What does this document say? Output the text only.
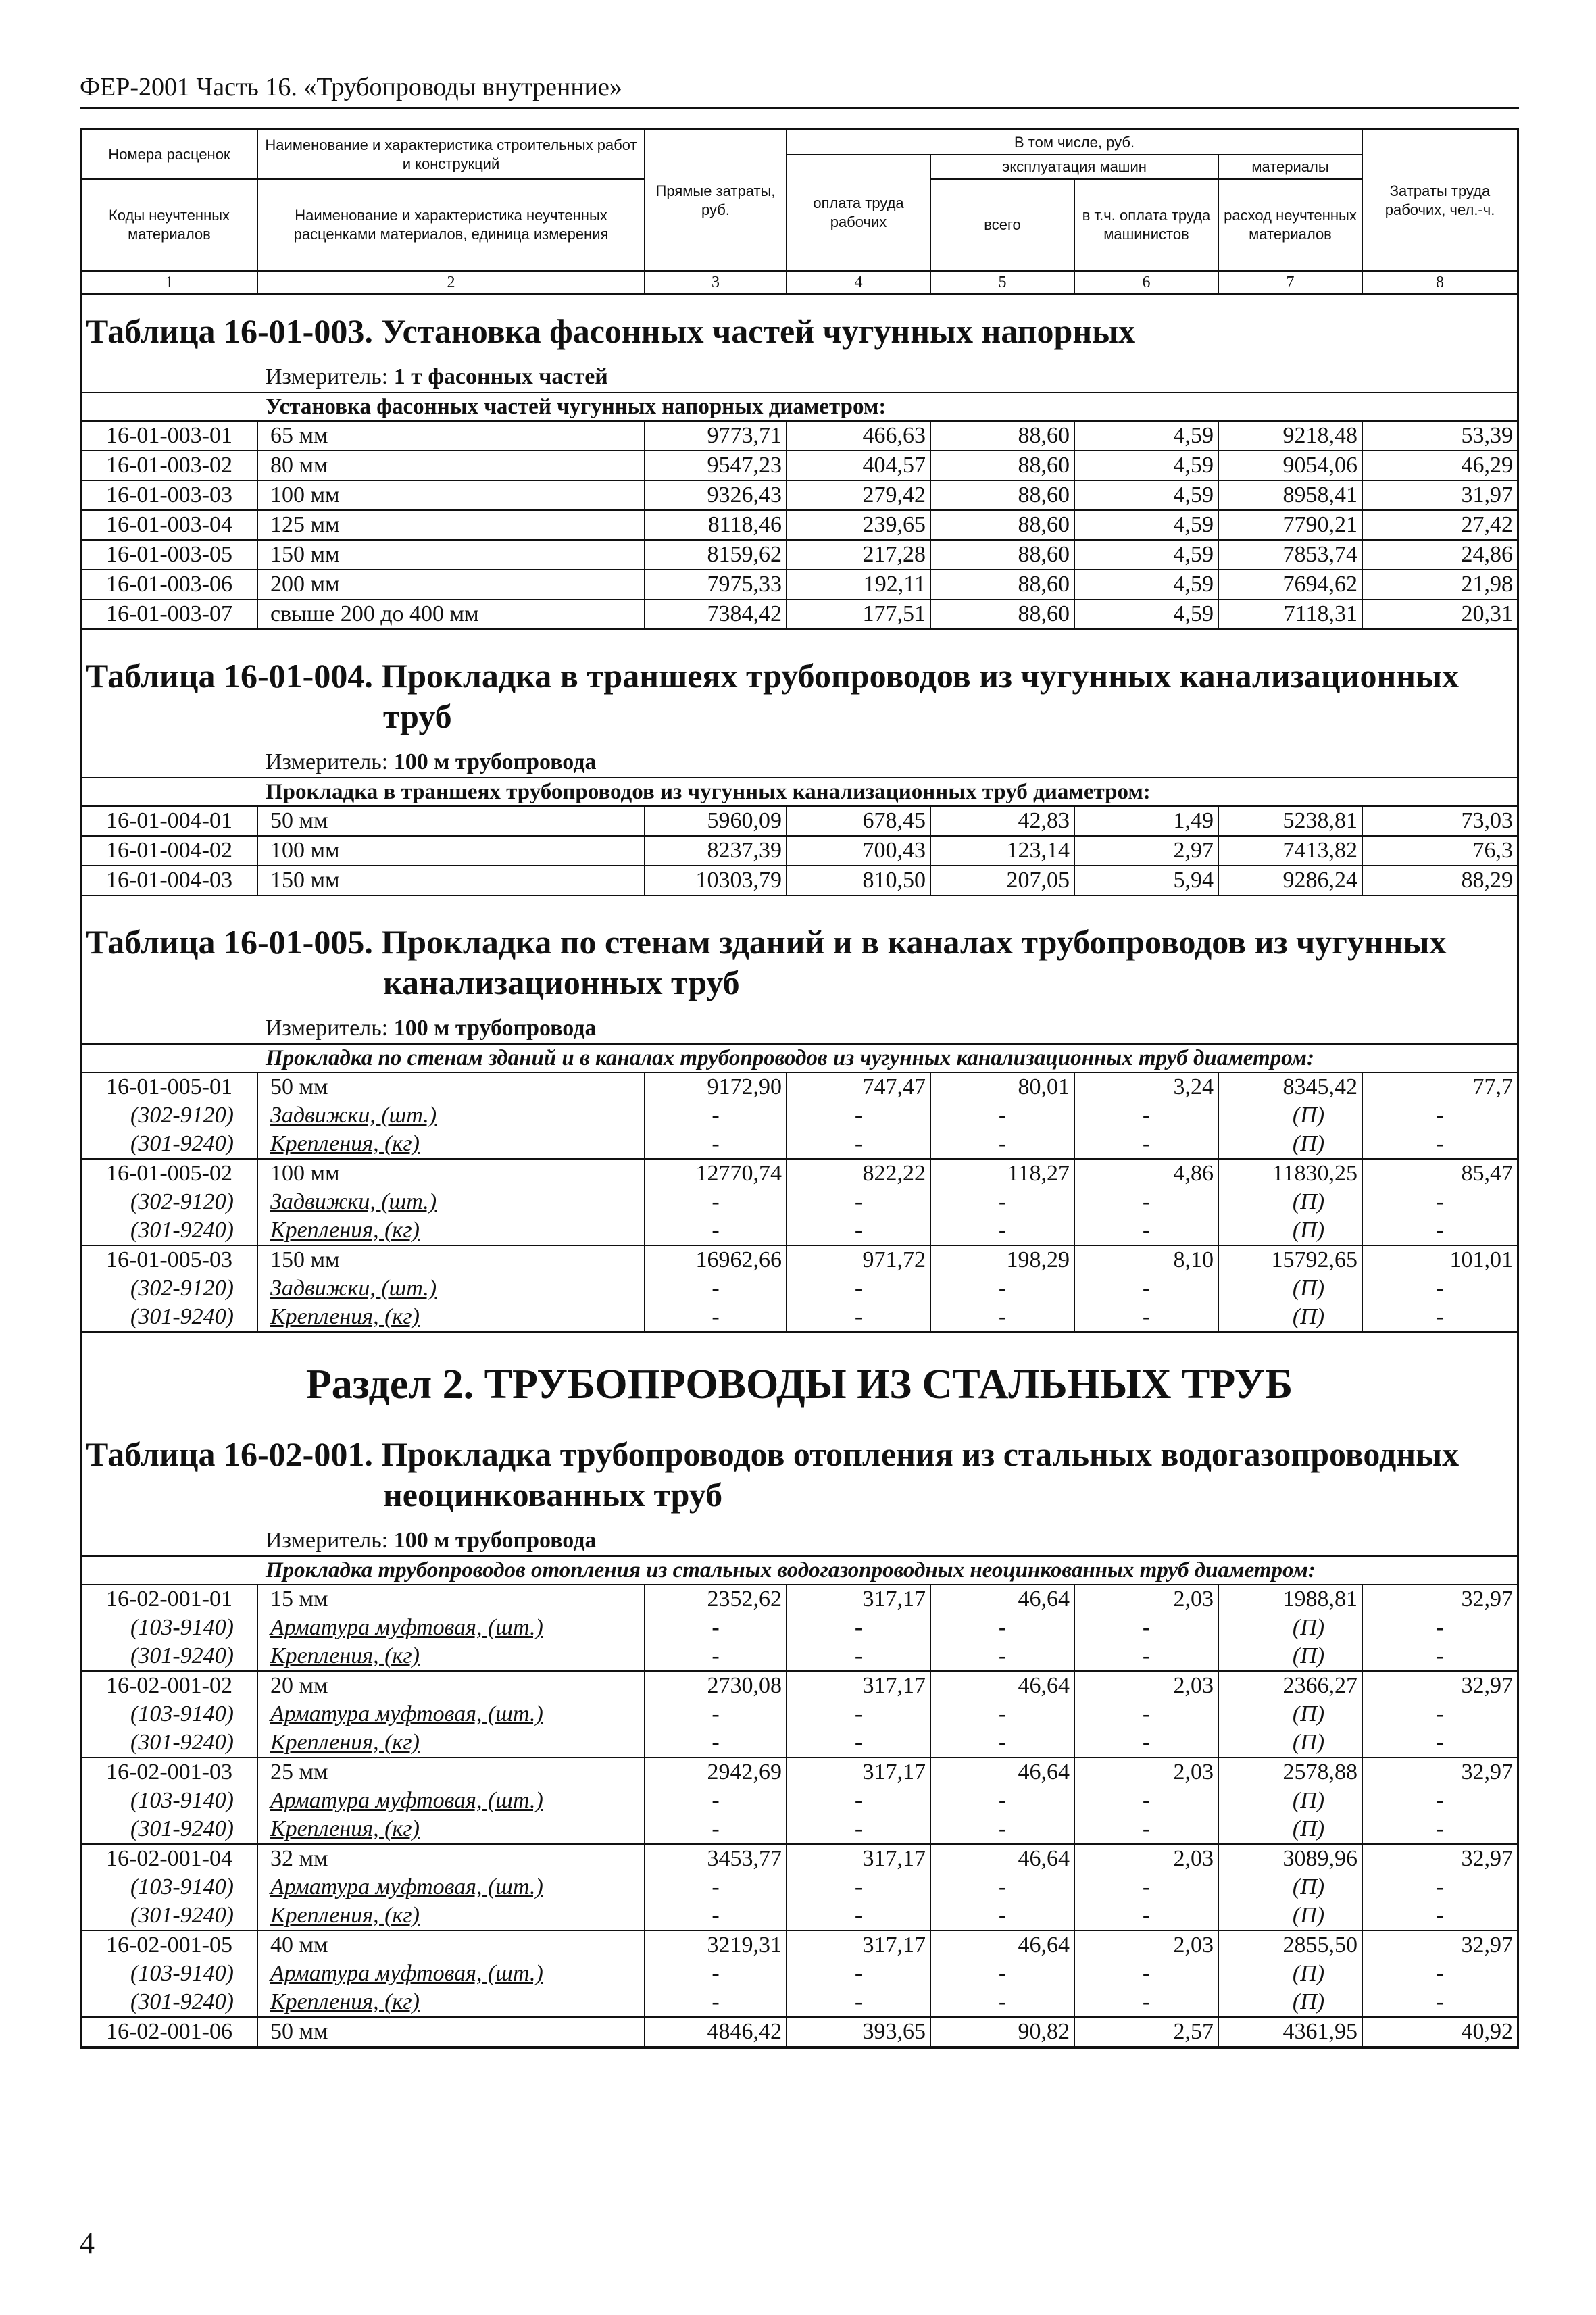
ФЕР-2001 Часть 16. «Трубопроводы внутренние»
Номера расценок	Наименование и характеристика строительных работ и конструкций	Прямые затраты, руб.	В том числе, руб.				Затраты труда рабочих, чел.-ч.
			оплата труда рабочих	эксплуатация машин		материалы	
Коды неучтенных материалов	Наименование и характеристика неучтенных расценками материалов, единица измерения			всего	в т.ч. оплата труда машинистов	расход неучтенных материалов	

1	2	3	4	5	6	7	8
Таблица 16-01-003. Установка фасонных частей чугунных напорных
Измеритель: 1 т фасонных частей
Установка фасонных частей чугунных напорных диаметром:
16-01-003-01	65 мм	9773,71	466,63	88,60	4,59	9218,48	53,39
16-01-003-02	80 мм	9547,23	404,57	88,60	4,59	9054,06	46,29
16-01-003-03	100 мм	9326,43	279,42	88,60	4,59	8958,41	31,97
16-01-003-04	125 мм	8118,46	239,65	88,60	4,59	7790,21	27,42
16-01-003-05	150 мм	8159,62	217,28	88,60	4,59	7853,74	24,86
16-01-003-06	200 мм	7975,33	192,11	88,60	4,59	7694,62	21,98
16-01-003-07	свыше 200 до 400 мм	7384,42	177,51	88,60	4,59	7118,31	20,31
Таблица 16-01-004. Прокладка в траншеях трубопроводов из чугунных канализационных
труб
Измеритель: 100 м трубопровода
Прокладка в траншеях трубопроводов из чугунных канализационных труб диаметром:
16-01-004-01	50 мм	5960,09	678,45	42,83	1,49	5238,81	73,03
16-01-004-02	100 мм	8237,39	700,43	123,14	2,97	7413,82	76,3
16-01-004-03	150 мм	10303,79	810,50	207,05	5,94	9286,24	88,29
Таблица 16-01-005. Прокладка по стенам зданий и в каналах трубопроводов из чугунных
канализационных труб
Измеритель: 100 м трубопровода
Прокладка по стенам зданий и в каналах трубопроводов из чугунных канализационных труб диаметром:
16-01-005-01	50 мм	9172,90	747,47	80,01	3,24	8345,42	77,7
(302-9120)	Задвижки, (шт.)	-	-	-	-	(П)	-
(301-9240)	Крепления, (кг)	-	-	-	-	(П)	-
16-01-005-02	100 мм	12770,74	822,22	118,27	4,86	11830,25	85,47
(302-9120)	Задвижки, (шт.)	-	-	-	-	(П)	-
(301-9240)	Крепления, (кг)	-	-	-	-	(П)	-
16-01-005-03	150 мм	16962,66	971,72	198,29	8,10	15792,65	101,01
(302-9120)	Задвижки, (шт.)	-	-	-	-	(П)	-
(301-9240)	Крепления, (кг)	-	-	-	-	(П)	-
Раздел 2. ТРУБОПРОВОДЫ ИЗ СТАЛЬНЫХ ТРУБ
Таблица 16-02-001. Прокладка трубопроводов отопления из стальных водогазопроводных
неоцинкованных труб
Измеритель: 100 м трубопровода
Прокладка трубопроводов отопления из стальных водогазопроводных неоцинкованных труб диаметром:
16-02-001-01	15 мм	2352,62	317,17	46,64	2,03	1988,81	32,97
(103-9140)	Арматура муфтовая, (шт.)	-	-	-	-	(П)	-
(301-9240)	Крепления, (кг)	-	-	-	-	(П)	-
16-02-001-02	20 мм	2730,08	317,17	46,64	2,03	2366,27	32,97
(103-9140)	Арматура муфтовая, (шт.)	-	-	-	-	(П)	-
(301-9240)	Крепления, (кг)	-	-	-	-	(П)	-
16-02-001-03	25 мм	2942,69	317,17	46,64	2,03	2578,88	32,97
(103-9140)	Арматура муфтовая, (шт.)	-	-	-	-	(П)	-
(301-9240)	Крепления, (кг)	-	-	-	-	(П)	-
16-02-001-04	32 мм	3453,77	317,17	46,64	2,03	3089,96	32,97
(103-9140)	Арматура муфтовая, (шт.)	-	-	-	-	(П)	-
(301-9240)	Крепления, (кг)	-	-	-	-	(П)	-
16-02-001-05	40 мм	3219,31	317,17	46,64	2,03	2855,50	32,97
(103-9140)	Арматура муфтовая, (шт.)	-	-	-	-	(П)	-
(301-9240)	Крепления, (кг)	-	-	-	-	(П)	-
16-02-001-06	50 мм	4846,42	393,65	90,82	2,57	4361,95	40,92
4
